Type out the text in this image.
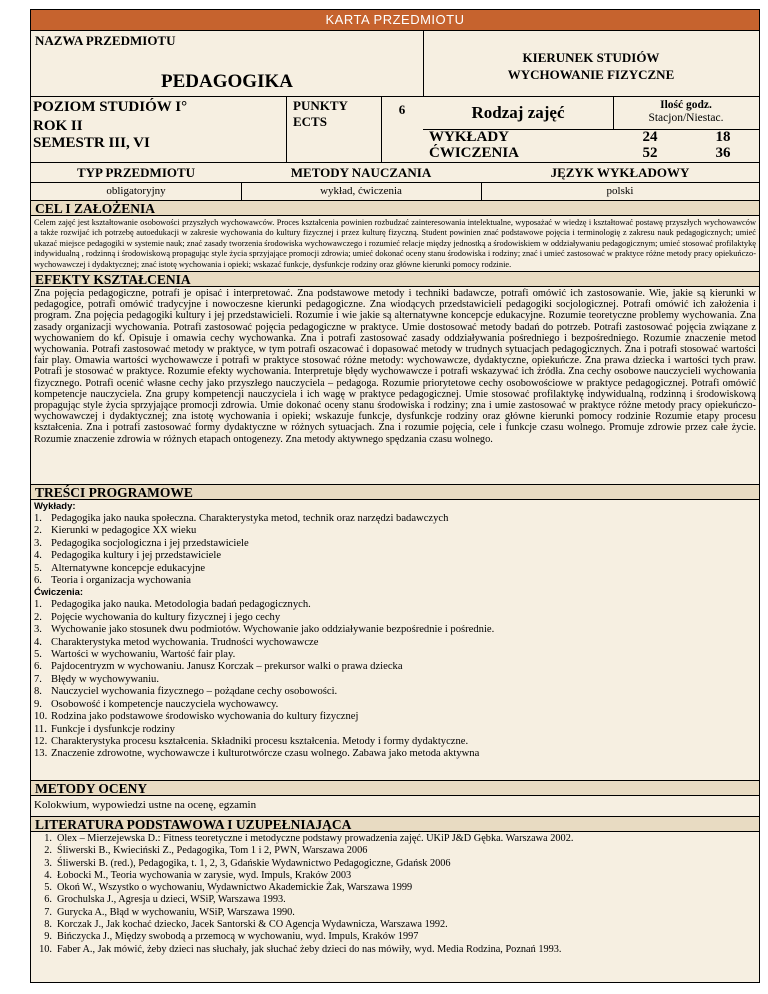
KARTA PRZEDMIOTU
NAZWA PRZEDMIOTU
PEDAGOGIKA
KIERUNEK STUDIÓW
WYCHOWANIE FIZYCZNE
POZIOM STUDIÓW I°
ROK II
SEMESTR III, VI
PUNKTY
ECTS
6	Rodzaj zajęć	Ilość godz.
Stacjon/Niestac.
WYKŁADY	24	18
ĆWICZENIA	52	36
TYP PRZEDMIOTU	METODY NAUCZANIA	JĘZYK WYKŁADOWY
obligatoryjny	wykład, ćwiczenia	polski
CEL I ZAŁOŻENIA
Celem zajęć jest kształtowanie osobowości przyszłych wychowawców. Proces kształcenia powinien rozbudzać zainteresowania intelektualne, wyposażać w wiedzę i kształtować postawę przyszłych wychowawców a także rozwijać ich potrzebę autoedukacji w zakresie wychowania do kultury fizycznej i przez kulturę fizyczną. Student powinien znać podstawowe pojęcia i terminologię z zakresu nauk pedagogicznych; umieć ukazać miejsce pedagogiki w systemie nauk; znać zasady tworzenia środowiska wychowawczego i rozumieć relacje między jednostką a środowiskiem w oddziaływaniu pedagogicznym; umieć stosować profilaktykę indywidualną , rodzinną i środowiskową propagując style życia sprzyjające promocji zdrowia; umieć dokonać oceny stanu środowiska i rodziny; znać i umieć zastosować w praktyce różne metody pracy opiekuńczo-wychowawczej i dydaktycznej; znać istotę wychowania i opieki; wskazać funkcje, dysfunkcje rodziny oraz główne kierunki pomocy rodzinie.
EFEKTY KSZTAŁCENIA
Zna pojęcia pedagogiczne, potrafi je opisać i interpretować. Zna podstawowe metody i techniki badawcze, potrafi omówić ich zastosowanie. Wie, jakie są kierunki w pedagogice, potrafi omówić tradycyjne i nowoczesne kierunki pedagogiczne. Zna wiodących przedstawicieli pedagogiki socjologicznej. Potrafi omówić ich założenia i program. Zna pojęcia pedagogiki kultury i jej przedstawicieli. Rozumie i wie jakie są alternatywne koncepcje edukacyjne. Rozumie teoretyczne problemy wychowania. Zna zasady organizacji wychowania. Potrafi zastosować pojęcia pedagogiczne w praktyce. Umie dostosować metody badań do potrzeb. Potrafi zastosować pojęcia związane z wychowaniem do kf. Opisuje i omawia cechy wychowanka. Zna i potrafi zastosować zasady oddziaływania pośredniego i bezpośredniego. Rozumie znaczenie metod wychowania. Potrafi zastosować metody w praktyce, w tym potrafi oszacować i dopasować metody w trudnych sytuacjach pedagogicznych. Zna i potrafi stosować wartości fair play. Omawia wartości wychowawcze i potrafi w praktyce stosować różne metody: wychowawcze, dydaktyczne, opiekuńcze. Zna prawa dziecka i wartości tych praw. Potrafi je stosować w praktyce. Rozumie efekty wychowania. Interpretuje błędy wychowawcze i potrafi wskazywać ich źródła. Zna cechy osobowe nauczycieli wychowania fizycznego. Potrafi ocenić własne cechy jako przyszłego nauczyciela – pedagoga. Rozumie priorytetowe cechy osobowościowe w praktyce pedagogicznej. Potrafi omówić kompetencje nauczyciela. Zna grupy kompetencji nauczyciela i ich wagę w praktyce pedagogicznej. Umie stosować profilaktykę indywidualną, rodzinną i środowiskową propagując style życia sprzyjające promocji zdrowia. Umie dokonać oceny stanu środowiska i rodziny; zna i umie zastosować w praktyce różne metody pracy opiekuńczo-wychowawczej i dydaktycznej; zna istotę wychowania i opieki; wskazuje funkcje, dysfunkcje rodziny oraz główne kierunki pomocy rodzinie Rozumie etapy procesu kształcenia. Zna i potrafi zastosować formy dydaktyczne w różnych sytuacjach. Zna i rozumie pojęcia, cele i funkcje czasu wolnego. Promuje zdrowie przez całe życie. Rozumie znaczenie zdrowia w różnych etapach ontogenezy. Zna metody aktywnego spędzania czasu wolnego.
TREŚCI PROGRAMOWE
Wykłady:
1. Pedagogika jako nauka społeczna. Charakterystyka metod, technik oraz narzędzi badawczych
2. Kierunki w pedagogice XX wieku
3. Pedagogika socjologiczna i jej przedstawiciele
4. Pedagogika kultury i jej przedstawiciele
5. Alternatywne koncepcje edukacyjne
6. Teoria i organizacja wychowania
Ćwiczenia:
1. Pedagogika jako nauka. Metodologia badań pedagogicznych.
2. Pojęcie wychowania do kultury fizycznej i jego cechy
3. Wychowanie jako stosunek dwu podmiotów. Wychowanie jako oddziaływanie bezpośrednie i pośrednie.
4. Charakterystyka metod wychowania. Trudności wychowawcze
5. Wartości w wychowaniu, Wartość fair play.
6. Pajdocentryzm w wychowaniu. Janusz Korczak – prekursor walki o prawa dziecka
7. Błędy w wychowywaniu.
8. Nauczyciel wychowania fizycznego – pożądane cechy osobowości.
9. Osobowość i kompetencje nauczyciela wychowawcy.
10. Rodzina jako podstawowe środowisko wychowania do kultury fizycznej
11. Funkcje i dysfunkcje rodziny
12. Charakterystyka procesu kształcenia. Składniki procesu kształcenia. Metody i formy dydaktyczne.
13. Znaczenie zdrowotne, wychowawcze i kulturotwórcze czasu wolnego. Zabawa jako metoda aktywna
METODY OCENY
Kolokwium, wypowiedzi ustne na ocenę, egzamin
LITERATURA PODSTAWOWA I UZUPEŁNIAJĄCA
1. Olex – Mierzejewska D.: Fitness teoretyczne i metodyczne podstawy prowadzenia zajęć. UKiP J&D Gębka. Warszawa 2002.
2. Śliwerski B., Kwieciński Z., Pedagogika, Tom 1 i 2, PWN, Warszawa 2006
3. Śliwerski B. (red.), Pedagogika, t. 1, 2, 3, Gdańskie Wydawnictwo Pedagogiczne, Gdańsk 2006
4. Łobocki M., Teoria wychowania w zarysie, wyd. Impuls, Kraków 2003
5. Okoń W., Wszystko o wychowaniu, Wydawnictwo Akademickie Żak, Warszawa 1999
6. Grochulska J., Agresja u dzieci, WSiP, Warszawa 1993.
7. Gurycka A., Błąd w wychowaniu, WSiP, Warszawa 1990.
8. Korczak J., Jak kochać dziecko, Jacek Santorski & CO Agencja Wydawnicza, Warszawa 1992.
9. Bińczycka J., Między swobodą a przemocą w wychowaniu, wyd. Impuls, Kraków 1997
10. Faber A., Jak mówić, żeby dzieci nas słuchały, jak słuchać żeby dzieci do nas mówiły, wyd. Media Rodzina, Poznań 1993.
